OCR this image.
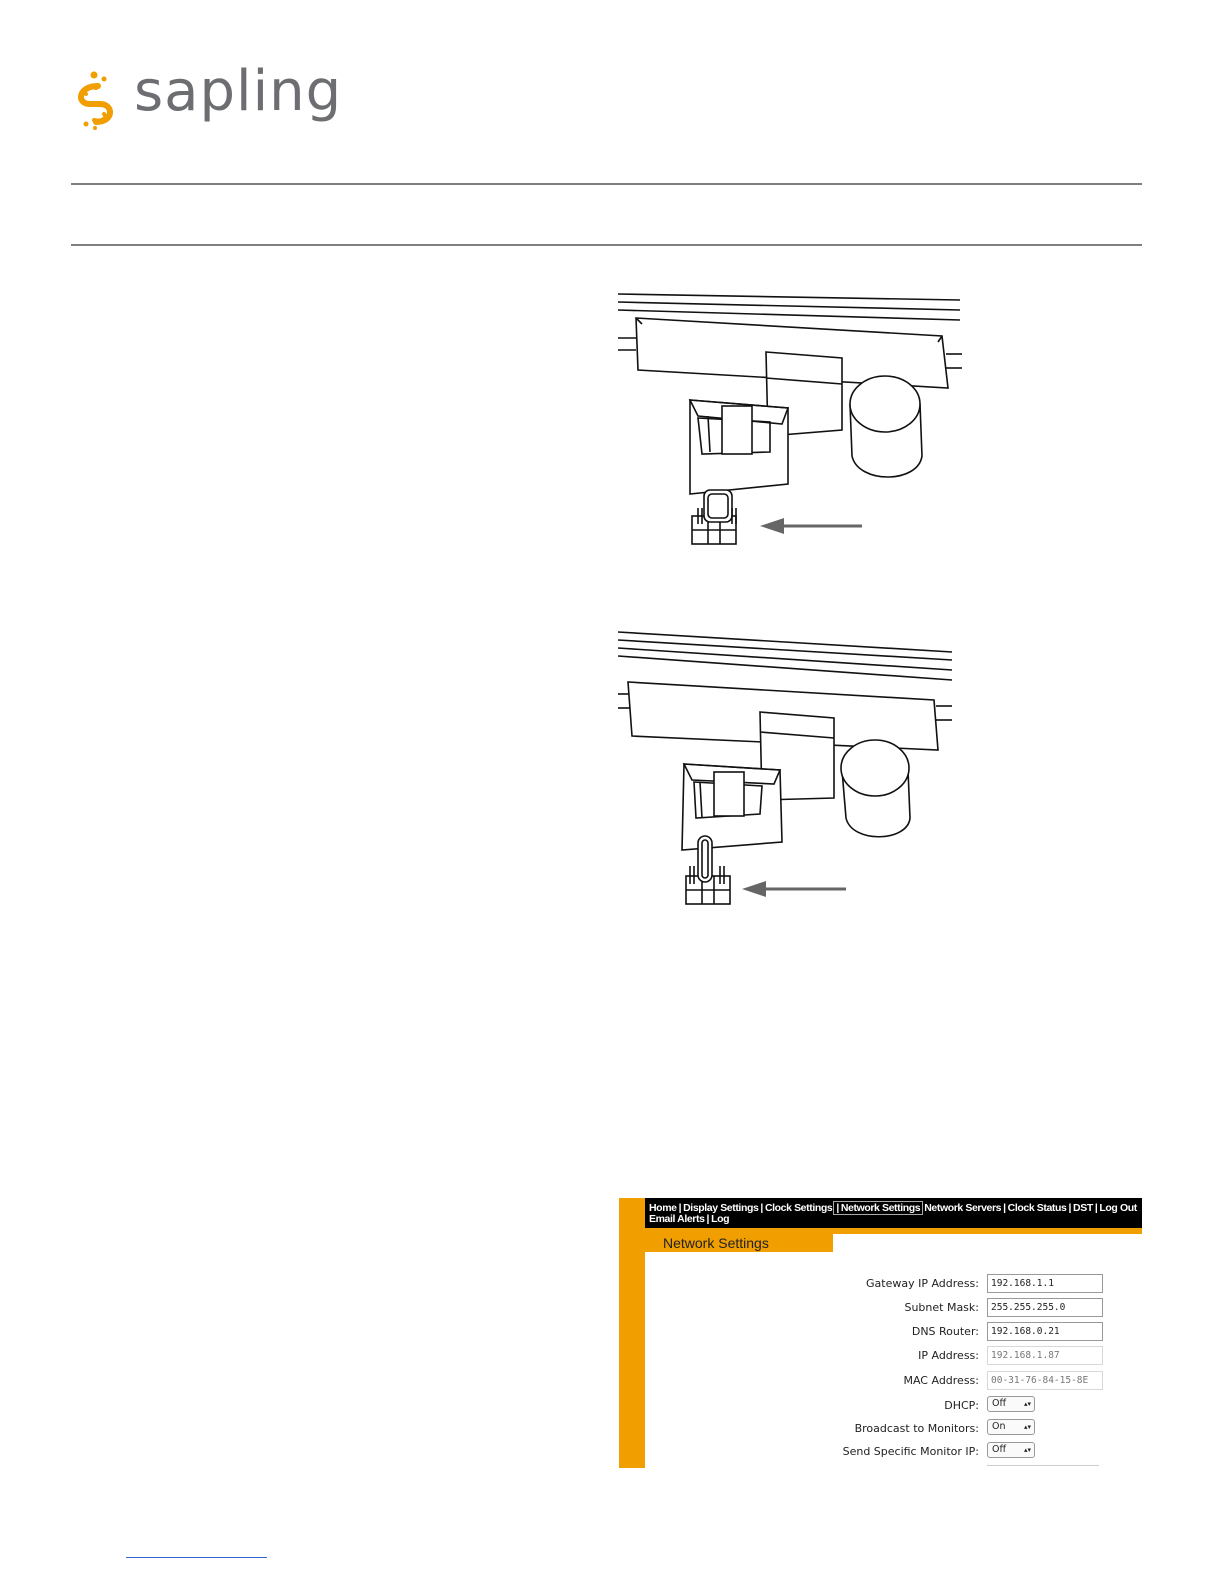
sapling
Home | Display Settings | Clock Settings | Network Settings Network Servers | Clock Status | DST | Log Out
Email Alerts | Log
Network Settings
Gateway IP Address:	192.168.1.1
Subnet Mask:	255.255.255.0
DNS Router:	192.168.0.21
IP Address:	192.168.1.87
MAC Address:	00-31-76-84-15-8E
DHCP:	Off	▴▾
Broadcast to Monitors:	On	▴▾
Send Specific Monitor IP:	Off	▴▾
